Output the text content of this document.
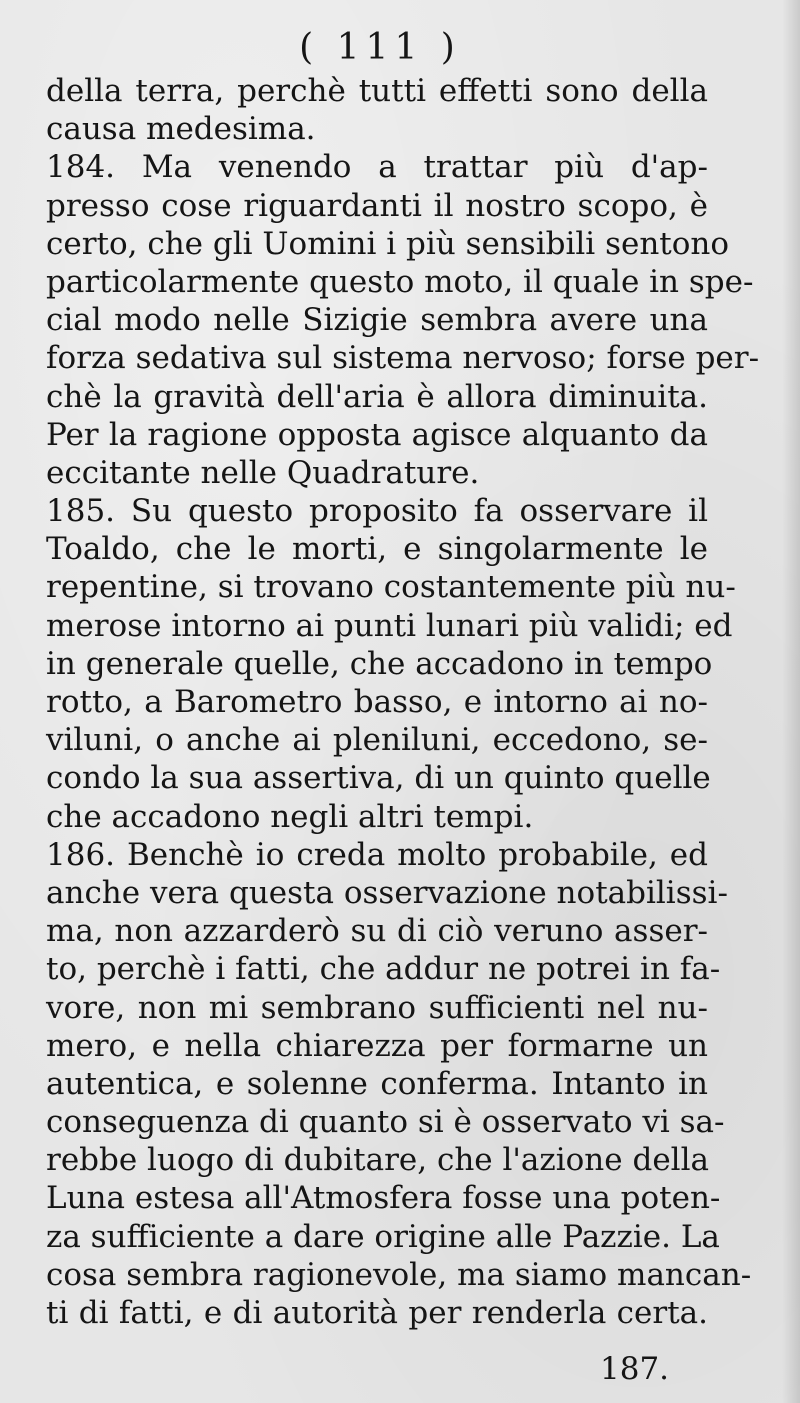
( 111 )
della terra, perchè tutti effetti sono della
causa medesima.
184. Ma venendo a trattar più d'ap-
presso cose riguardanti il nostro scopo, è
certo, che gli Uomini i più sensibili sentono
particolarmente questo moto, il quale in spe-
cial modo nelle Sizigie sembra avere una
forza sedativa sul sistema nervoso; forse per-
chè la gravità dell'aria è allora diminuita.
Per la ragione opposta agisce alquanto da
eccitante nelle Quadrature.
185. Su questo proposito fa osservare il
Toaldo, che le morti, e singolarmente le
repentine, si trovano costantemente più nu-
merose intorno ai punti lunari più validi; ed
in generale quelle, che accadono in tempo
rotto, a Barometro basso, e intorno ai no-
viluni, o anche ai pleniluni, eccedono, se-
condo la sua assertiva, di un quinto quelle
che accadono negli altri tempi.
186. Benchè io creda molto probabile, ed
anche vera questa osservazione notabilissi-
ma, non azzarderò su di ciò veruno asser-
to, perchè i fatti, che addur ne potrei in fa-
vore, non mi sembrano sufficienti nel nu-
mero, e nella chiarezza per formarne un
autentica, e solenne conferma. Intanto in
conseguenza di quanto si è osservato vi sa-
rebbe luogo di dubitare, che l'azione della
Luna estesa all'Atmosfera fosse una poten-
za sufficiente a dare origine alle Pazzie. La
cosa sembra ragionevole, ma siamo mancan-
ti di fatti, e di autorità per renderla certa.
187.
